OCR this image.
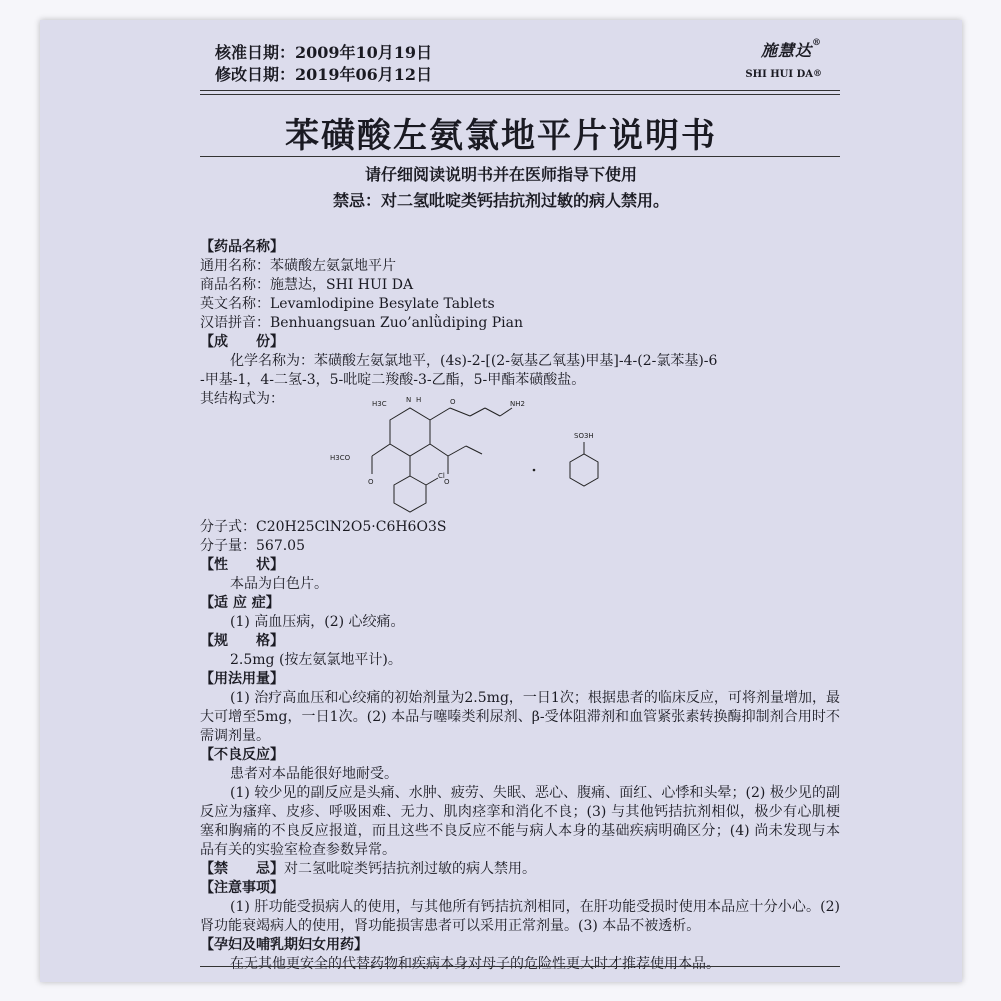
核准日期：2009年10月19日
修改日期：2019年06月12日
施慧达®
SHI HUI DA®
苯磺酸左氨氯地平片说明书
请仔细阅读说明书并在医师指导下使用
禁忌：对二氢吡啶类钙拮抗剂过敏的病人禁用。
【药品名称】
通用名称：苯磺酸左氨氯地平片
商品名称：施慧达，SHI HUI DA
英文名称：Levamlodipine Besylate Tablets
汉语拼音：Benhuangsuan Zuo’anlǜdiping Pian
【成　　份】
化学名称为：苯磺酸左氨氯地平，(4s)-2-[(2-氨基乙氧基)甲基]-4-(2-氯苯基)-6
-甲基-1，4-二氢-3，5-吡啶二羧酸-3-乙酯，5-甲酯苯磺酸盐。
其结构式为：	H3C	N H	O	NH2
H3CO
O	O
Cl
SO3H
分子式：C20H25ClN2O5·C6H6O3S
分子量：567.05
【性　　状】
本品为白色片。
【适 应 症】
(1) 高血压病，(2) 心绞痛。
【规　　格】
2.5mg (按左氨氯地平计)。
【用法用量】
(1) 治疗高血压和心绞痛的初始剂量为2.5mg，一日1次；根据患者的临床反应，可将剂量增加，最大可增至5mg，一日1次。(2) 本品与噻嗪类利尿剂、β-受体阻滞剂和血管紧张素转换酶抑制剂合用时不需调剂量。
【不良反应】
患者对本品能很好地耐受。
(1) 较少见的副反应是头痛、水肿、疲劳、失眠、恶心、腹痛、面红、心悸和头晕；(2) 极少见的副反应为瘙痒、皮疹、呼吸困难、无力、肌肉痉挛和消化不良；(3) 与其他钙拮抗剂相似，极少有心肌梗塞和胸痛的不良反应报道，而且这些不良反应不能与病人本身的基础疾病明确区分；(4) 尚未发现与本品有关的实验室检查参数异常。
【禁　　忌】对二氢吡啶类钙拮抗剂过敏的病人禁用。
【注意事项】
(1) 肝功能受损病人的使用，与其他所有钙拮抗剂相同，在肝功能受损时使用本品应十分小心。(2) 肾功能衰竭病人的使用，肾功能损害患者可以采用正常剂量。(3) 本品不被透析。
【孕妇及哺乳期妇女用药】
在无其他更安全的代替药物和疾病本身对母子的危险性更大时才推荐使用本品。
